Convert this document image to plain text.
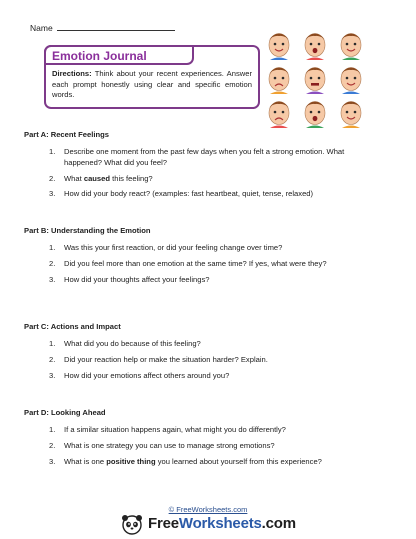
Name
Emotion Journal
Directions: Think about your recent experiences. Answer each prompt honestly using clear and specific emotion words.
Part A: Recent Feelings
1. Describe one moment from the past few days when you felt a strong emotion. What happened? What did you feel?
2. What caused this feeling?
3. How did your body react? (examples: fast heartbeat, quiet, tense, relaxed)
Part B: Understanding the Emotion
1. Was this your first reaction, or did your feeling change over time?
2. Did you feel more than one emotion at the same time? If yes, what were they?
3. How did your thoughts affect your feelings?
Part C: Actions and Impact
1. What did you do because of this feeling?
2. Did your reaction help or make the situation harder? Explain.
3. How did your emotions affect others around you?
Part D: Looking Ahead
1. If a similar situation happens again, what might you do differently?
2. What is one strategy you can use to manage strong emotions?
3. What is one positive thing you learned about yourself from this experience?
© FreeWorksheets.com
FreeWorksheets.com
